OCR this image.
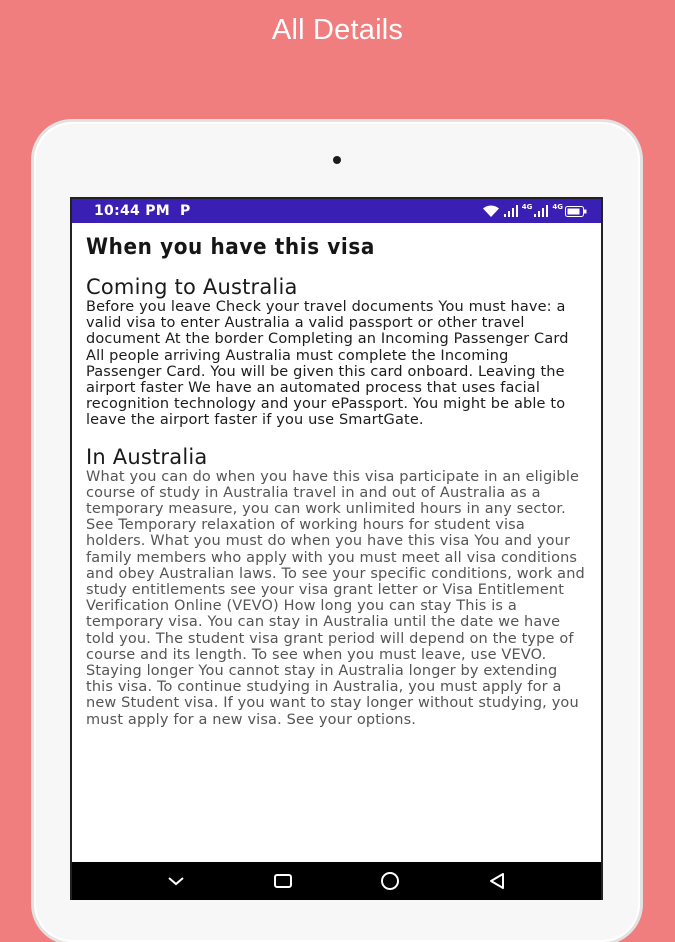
All Details
10:44 PM P	4G	4G
When you have this visa
Coming to Australia

Before you leave Check your travel documents You must have: a valid visa to enter Australia a valid passport or other travel document At the border Completing an Incoming Passenger Card All people arriving Australia must complete the Incoming Passenger Card. You will be given this card onboard. Leaving the airport faster We have an automated process that uses facial recognition technology and your ePassport. You might be able to leave the airport faster if you use SmartGate.

In Australia

What you can do when you have this visa participate in an eligible course of study in Australia travel in and out of Australia as a temporary measure, you can work unlimited hours in any sector. See Temporary relaxation of working hours for student visa holders. What you must do when you have this visa You and your family members who apply with you must meet all visa conditions and obey Australian laws. To see your specific conditions, work and study entitlements see your visa grant letter or Visa Entitlement Verification Online (VEVO) How long you can stay This is a temporary visa. You can stay in Australia until the date we have told you. The student visa grant period will depend on the type of course and its length. To see when you must leave, use VEVO. Staying longer You cannot stay in Australia longer by extending this visa. To continue studying in Australia, you must apply for a new Student visa. If you want to stay longer without studying, you must apply for a new visa. See your options.
